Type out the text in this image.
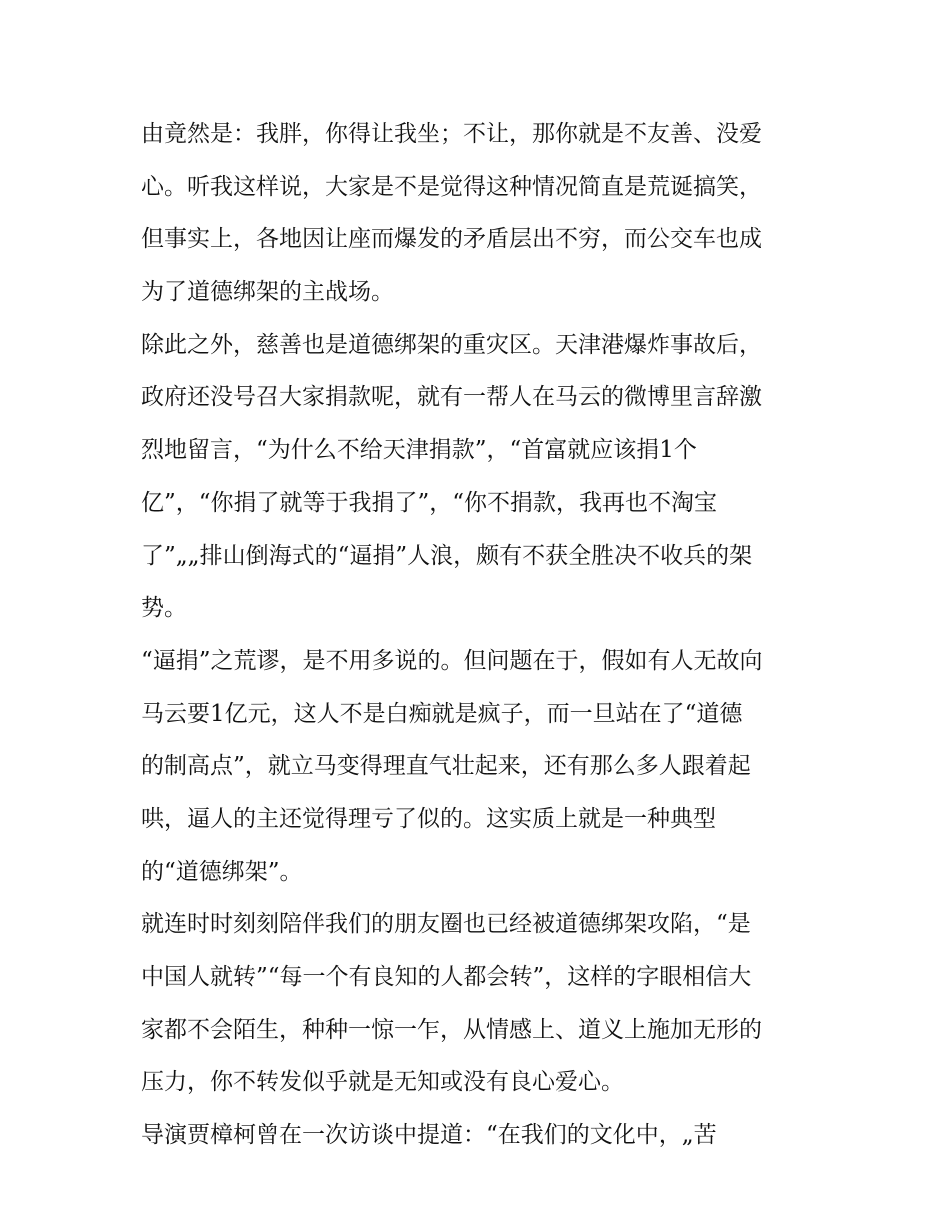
由竟然是：我胖，你得让我坐；不让，那你就是不友善、没爱
心。听我这样说，大家是不是觉得这种情况简直是荒诞搞笑，
但事实上，各地因让座而爆发的矛盾层出不穷，而公交车也成
为了道德绑架的主战场。
除此之外，慈善也是道德绑架的重灾区。天津港爆炸事故后，
政府还没号召大家捐款呢，就有一帮人在马云的微博里言辞激
烈地留言，“为什么不给天津捐款”，“首富就应该捐1个
亿”，“你捐了就等于我捐了”，“你不捐款，我再也不淘宝
了”„„排山倒海式的“逼捐”人浪，颇有不获全胜决不收兵的架
势。
“逼捐”之荒谬，是不用多说的。但问题在于，假如有人无故向
马云要1亿元，这人不是白痴就是疯子，而一旦站在了“道德
的制高点”，就立马变得理直气壮起来，还有那么多人跟着起
哄，逼人的主还觉得理亏了似的。这实质上就是一种典型
的“道德绑架”。
就连时时刻刻陪伴我们的朋友圈也已经被道德绑架攻陷，“是
中国人就转”“每一个有良知的人都会转”，这样的字眼相信大
家都不会陌生，种种一惊一乍，从情感上、道义上施加无形的
压力，你不转发似乎就是无知或没有良心爱心。
导演贾樟柯曾在一次访谈中提道：“在我们的文化中，„苦
